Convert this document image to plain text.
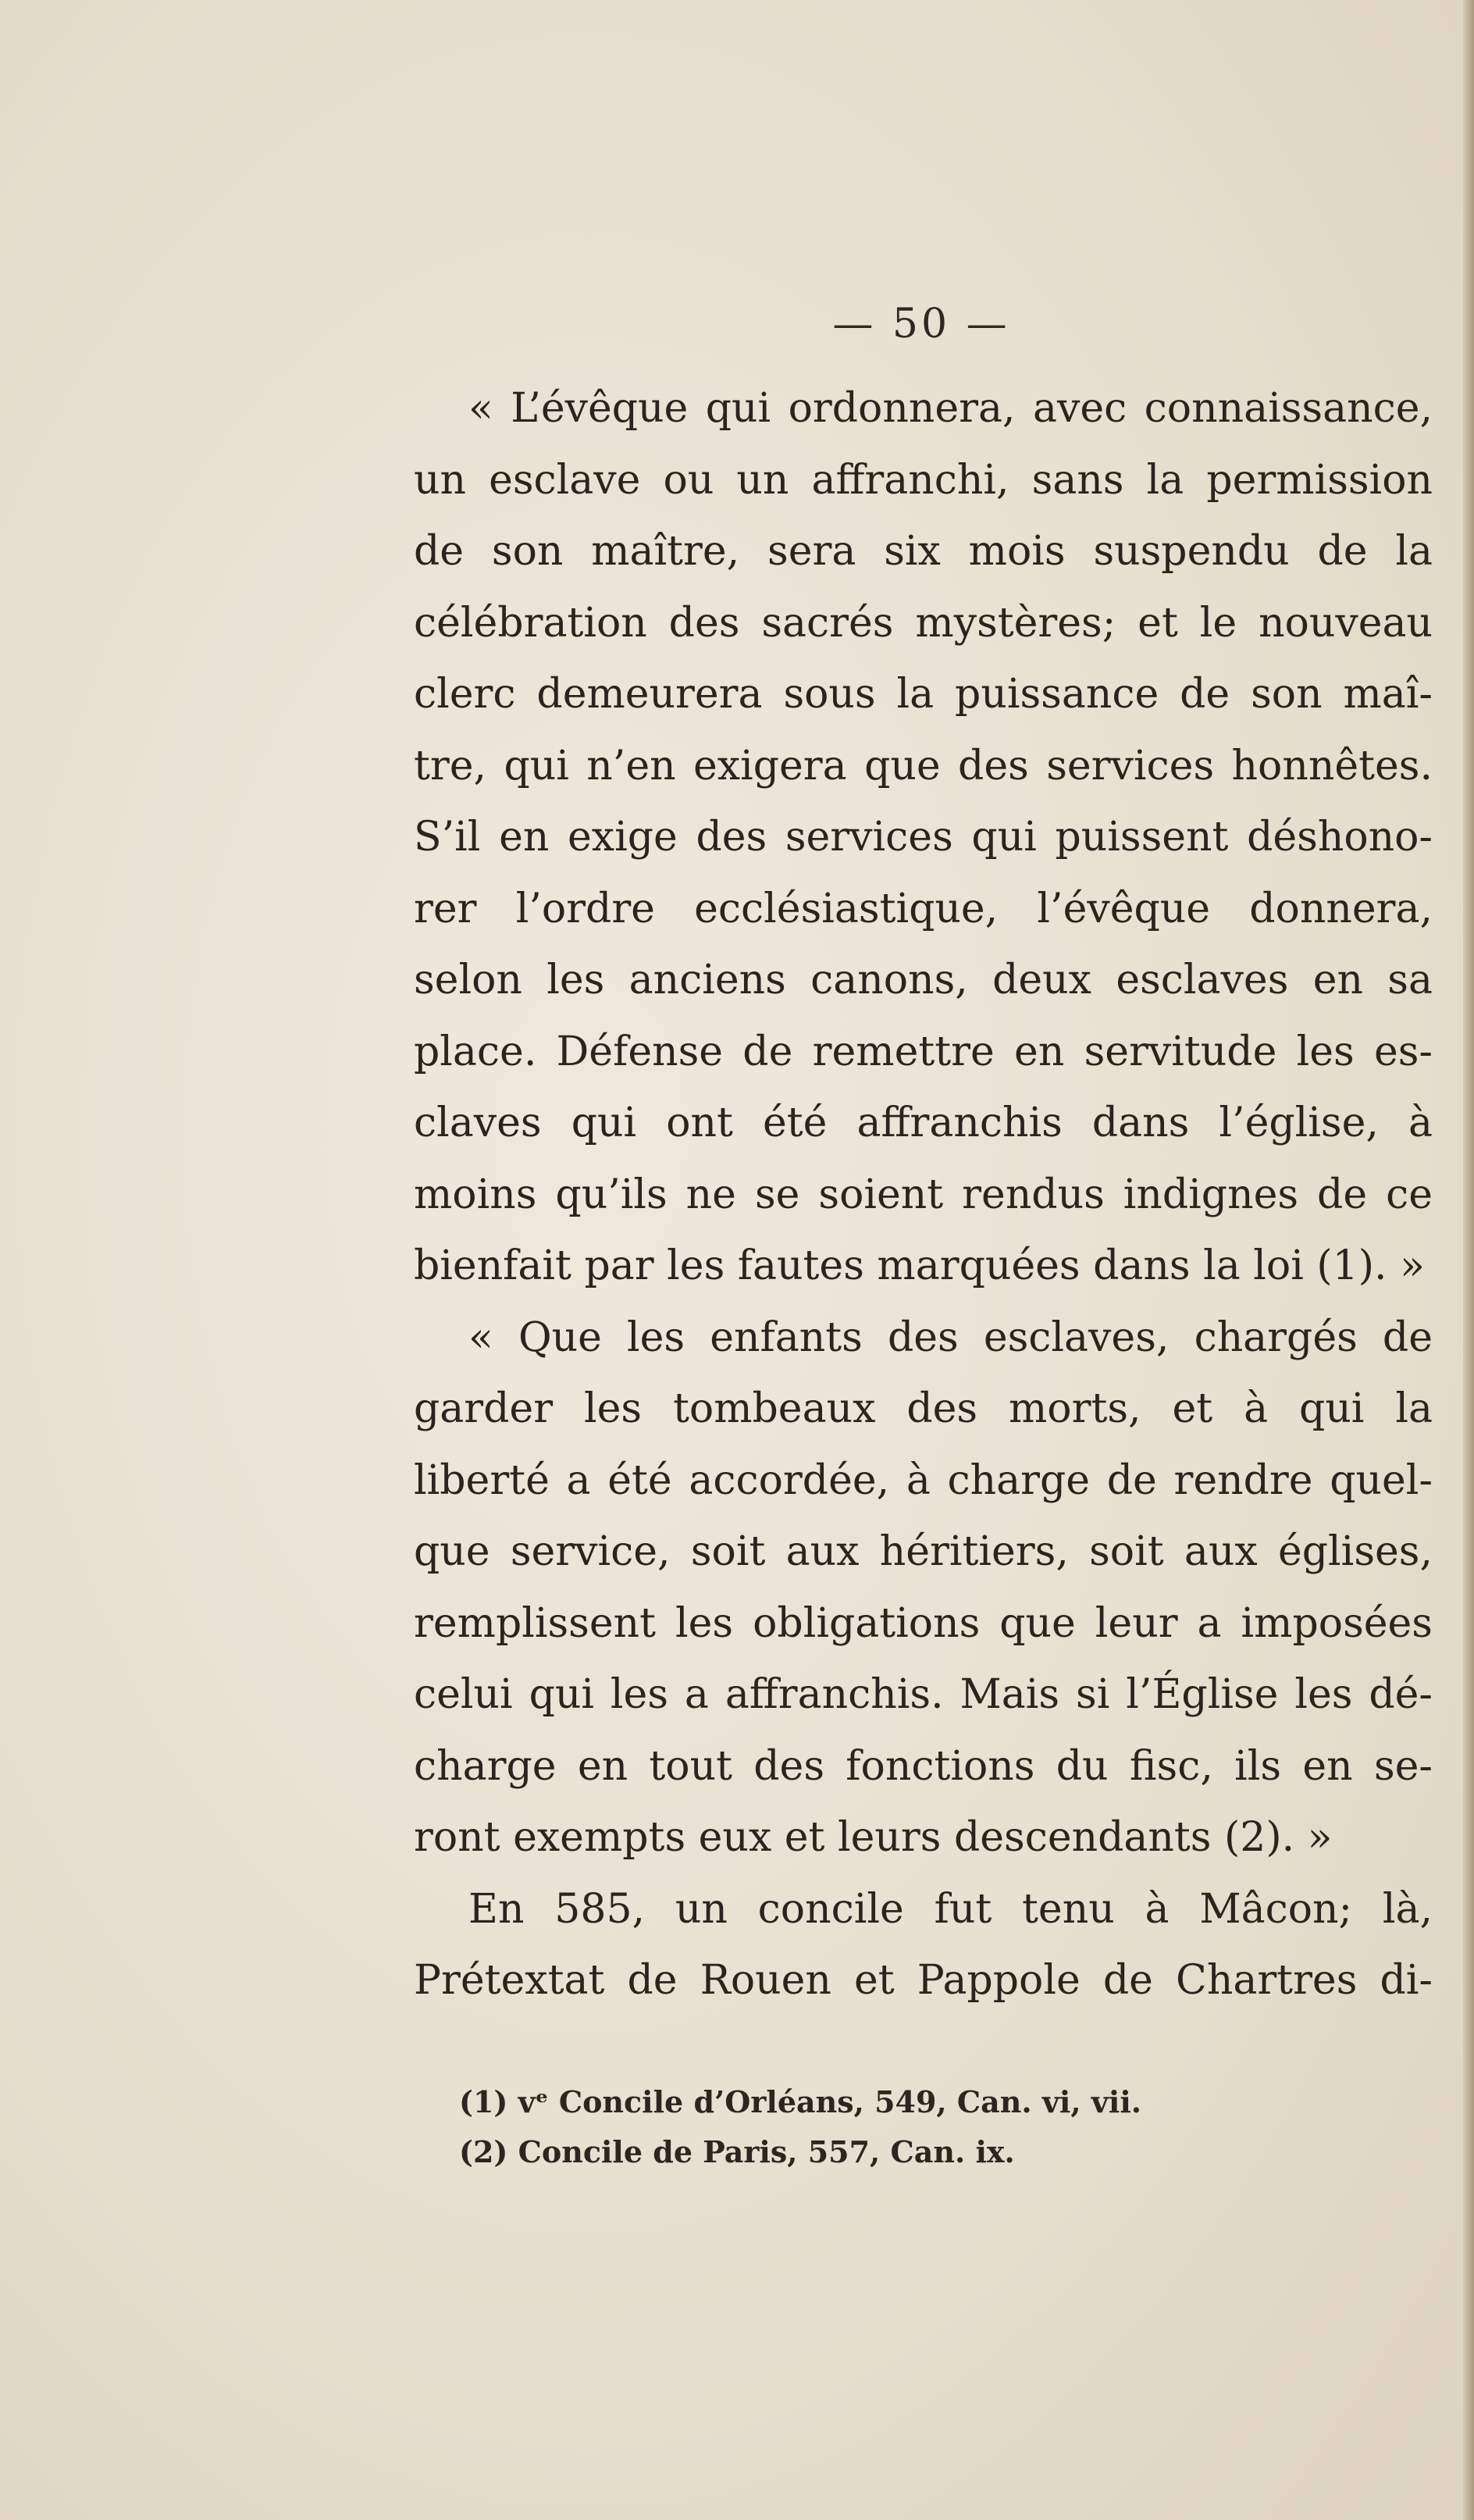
— 50 —
« L’évêque qui ordonnera, avec connaissance,
un esclave ou un affranchi, sans la permission
de son maître, sera six mois suspendu de la
célébration des sacrés mystères; et le nouveau
clerc demeurera sous la puissance de son maî-
tre, qui n’en exigera que des services honnêtes.
S’il en exige des services qui puissent déshono-
rer l’ordre ecclésiastique, l’évêque donnera,
selon les anciens canons, deux esclaves en sa
place. Défense de remettre en servitude les es-
claves qui ont été affranchis dans l’église, à
moins qu’ils ne se soient rendus indignes de ce
bienfait par les fautes marquées dans la loi (1). »
« Que les enfants des esclaves, chargés de
garder les tombeaux des morts, et à qui la
liberté a été accordée, à charge de rendre quel-
que service, soit aux héritiers, soit aux églises,
remplissent les obligations que leur a imposées
celui qui les a affranchis. Mais si l’Église les dé-
charge en tout des fonctions du fisc, ils en se-
ront exempts eux et leurs descendants (2). »
En 585, un concile fut tenu à Mâcon; là,
Prétextat de Rouen et Pappole de Chartres di-
(1) vᵉ Concile d’Orléans, 549, Can. vi, vii.
(2) Concile de Paris, 557, Can. ix.
